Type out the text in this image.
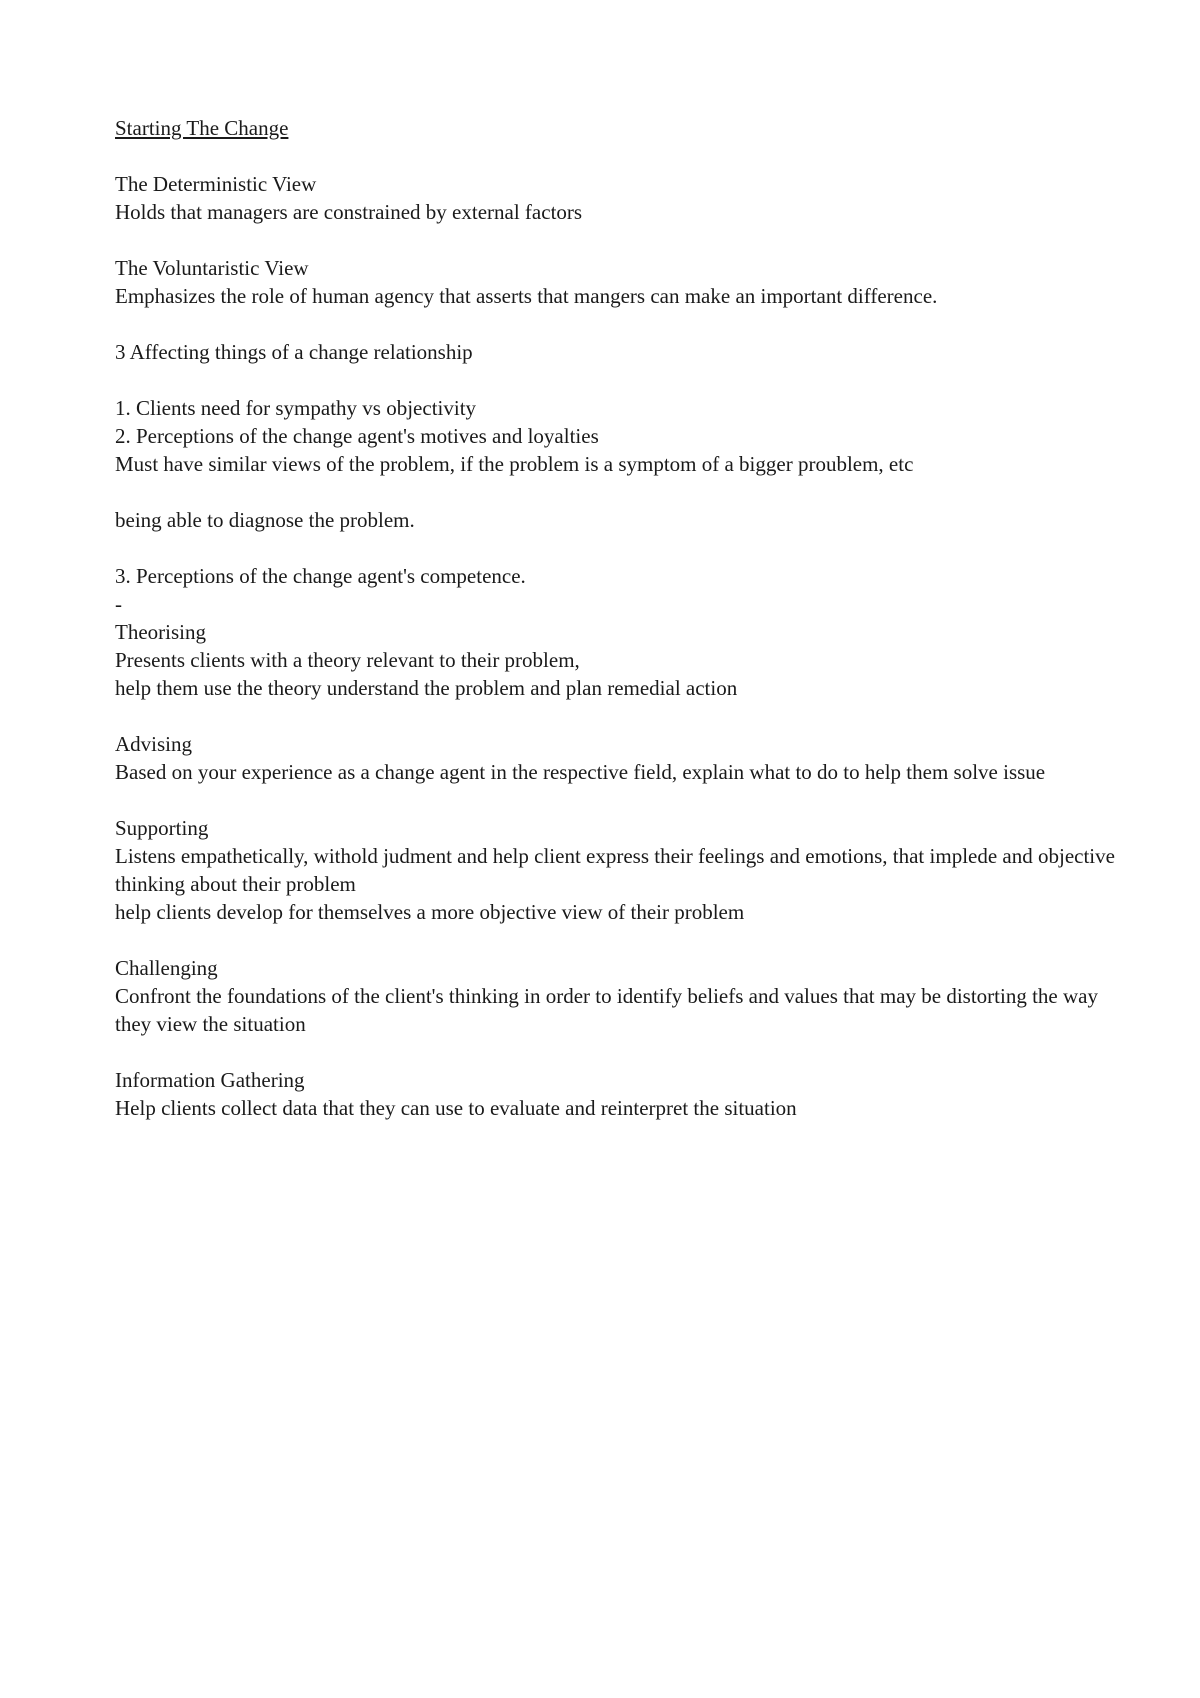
Starting The Change
The Deterministic View
Holds that managers are constrained by external factors
The Voluntaristic View
Emphasizes the role of human agency that asserts that mangers can make an important difference.
3 Affecting things of a change relationship
1. Clients need for sympathy vs objectivity
2. Perceptions of the change agent's motives and loyalties
Must have similar views of the problem, if the problem is a symptom of a bigger proublem, etc
being able to diagnose the problem.
3. Perceptions of the change agent's competence.
-
Theorising
Presents clients with a theory relevant to their problem,
help them use the theory understand the problem and plan remedial action
Advising
Based on your experience as a change agent in the respective field, explain what to do to help them solve issue
Supporting
Listens empathetically, withold judment and help client express their feelings and emotions, that implede and objective thinking about their problem
help clients develop for themselves a more objective view of their problem
Challenging
Confront the foundations of the client's thinking in order to identify beliefs and values that may be distorting the way they view the situation
Information Gathering
Help clients collect data that they can use to evaluate and reinterpret the situation
